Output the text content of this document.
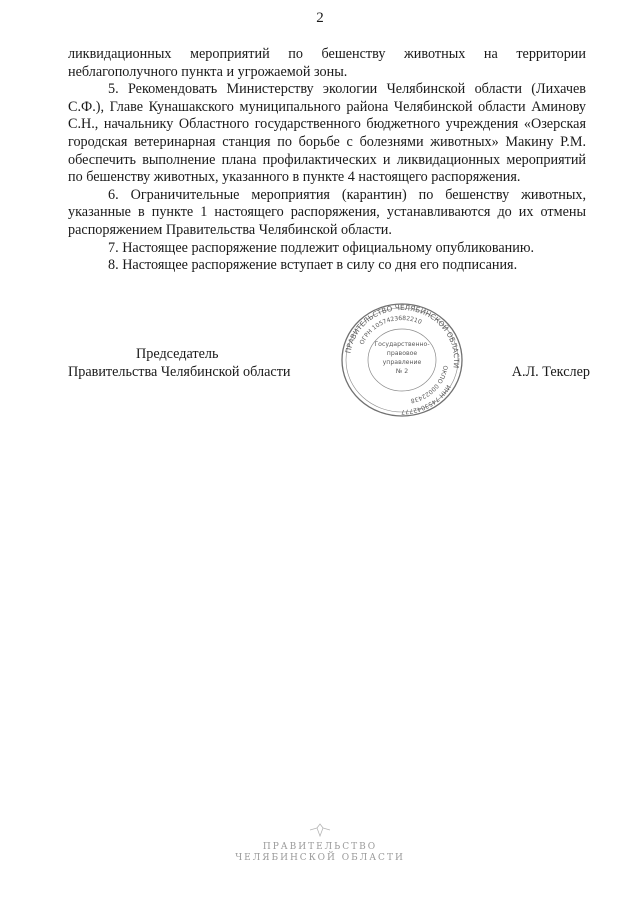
2

ликвидационных мероприятий по бешенству животных на территории неблагополучного пункта и угрожаемой зоны.

5. Рекомендовать Министерству экологии Челябинской области (Лихачев С.Ф.), Главе Кунашакского муниципального района Челябинской области Аминову С.Н., начальнику Областного государственного бюджетного учреждения «Озерская городская ветеринарная станция по борьбе с болезнями животных» Макину Р.М. обеспечить выполнение плана профилактических и ликвидационных мероприятий по бешенству животных, указанного в пункте 4 настоящего распоряжения.

6. Ограничительные мероприятия (карантин) по бешенству животных, указанные в пункте 1 настоящего распоряжения, устанавливаются до их отмены распоряжением Правительства Челябинской области.

7. Настоящее распоряжение подлежит официальному опубликованию.

8. Настоящее распоряжение вступает в силу со дня его подписания.

Председатель
Правительства Челябинской области	А.Л. Текслер
ПРАВИТЕЛЬСТВО ЧЕЛЯБИНСКОЙ ОБЛАСТИ
ОГРН 1057423682210
ОКПО 00022438
ИНН 7453042777
Государственно-
правовое
управление
№ 2
ПРАВИТЕЛЬСТВО
ЧЕЛЯБИНСКОЙ ОБЛАСТИ
